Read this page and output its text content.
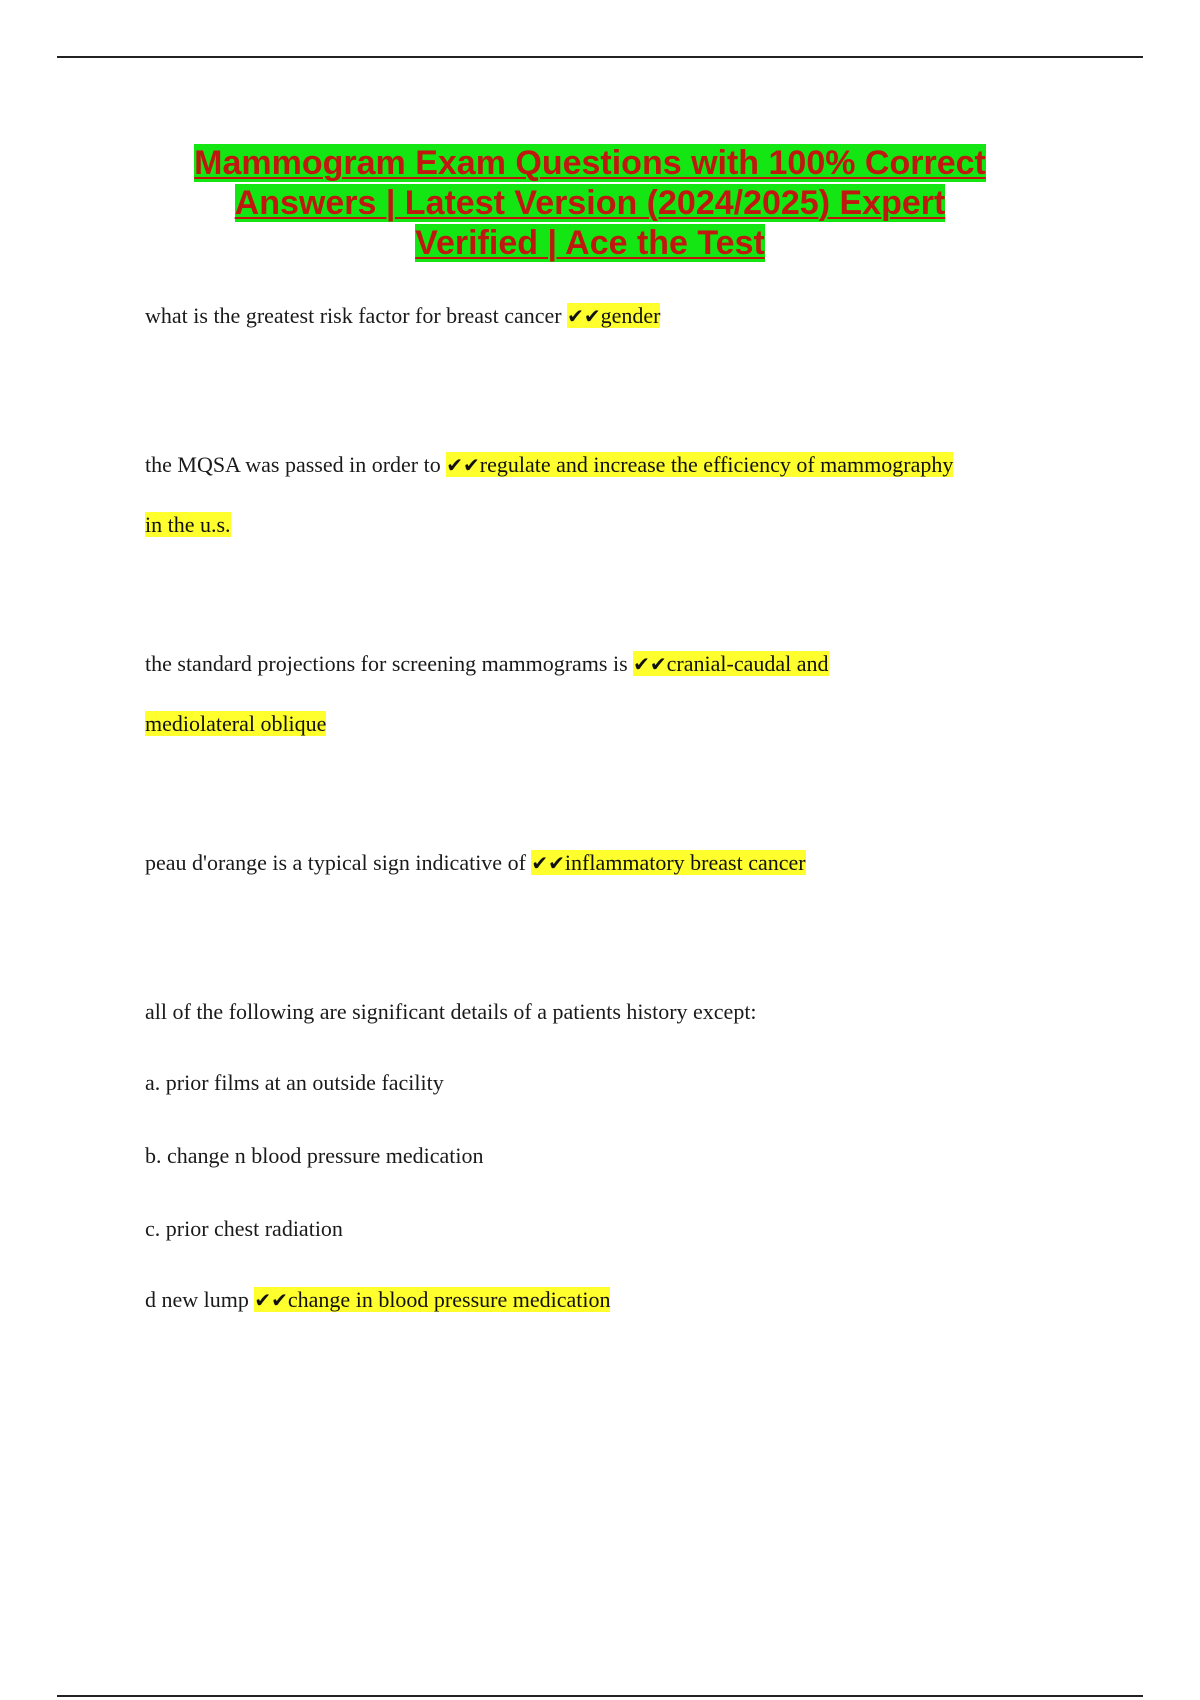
Mammogram Exam Questions with 100% Correct
Answers | Latest Version (2024/2025) Expert
Verified | Ace the Test
what is the greatest risk factor for breast cancer ✔✔gender
the MQSA was passed in order to ✔✔regulate and increase the efficiency of mammography
in the u.s.
the standard projections for screening mammograms is ✔✔cranial-caudal and
mediolateral oblique
peau d'orange is a typical sign indicative of ✔✔inflammatory breast cancer
all of the following are significant details of a patients history except:
a. prior films at an outside facility
b. change n blood pressure medication
c. prior chest radiation
d new lump ✔✔change in blood pressure medication
